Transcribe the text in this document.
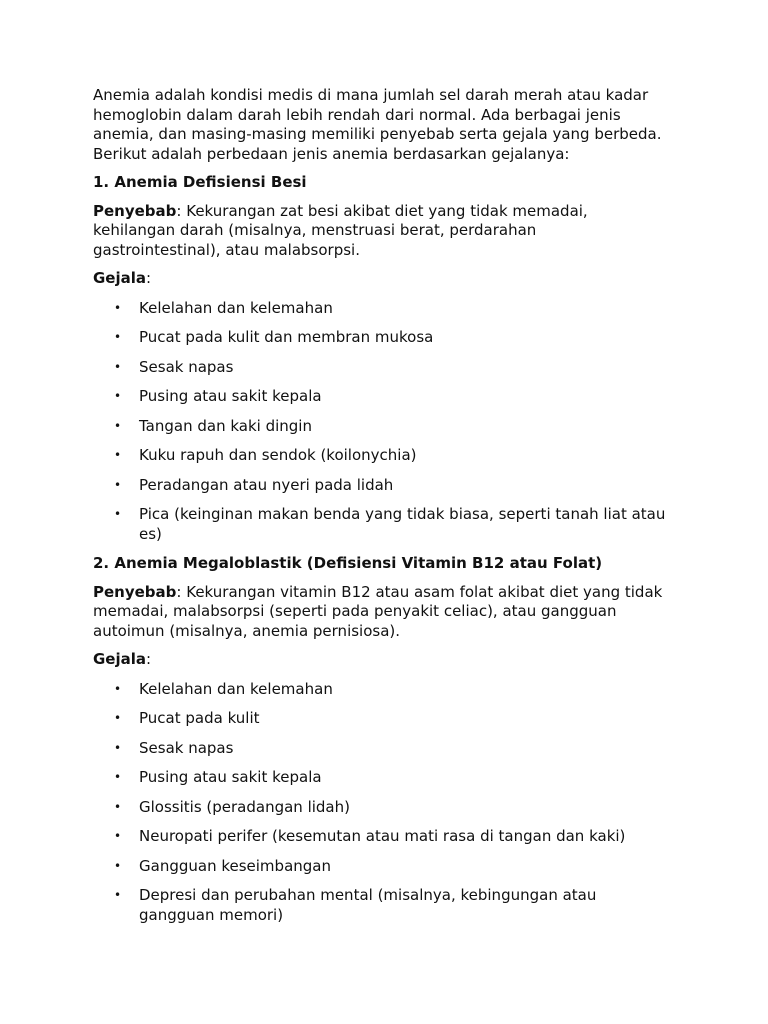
Anemia adalah kondisi medis di mana jumlah sel darah merah atau kadar hemoglobin dalam darah lebih rendah dari normal. Ada berbagai jenis anemia, dan masing-masing memiliki penyebab serta gejala yang berbeda. Berikut adalah perbedaan jenis anemia berdasarkan gejalanya:

1. Anemia Defisiensi Besi

Penyebab: Kekurangan zat besi akibat diet yang tidak memadai, kehilangan darah (misalnya, menstruasi berat, perdarahan gastrointestinal), atau malabsorpsi.

Gejala:

• Kelelahan dan kelemahan
• Pucat pada kulit dan membran mukosa
• Sesak napas
• Pusing atau sakit kepala
• Tangan dan kaki dingin
• Kuku rapuh dan sendok (koilonychia)
• Peradangan atau nyeri pada lidah
• Pica (keinginan makan benda yang tidak biasa, seperti tanah liat atau es)

2. Anemia Megaloblastik (Defisiensi Vitamin B12 atau Folat)

Penyebab: Kekurangan vitamin B12 atau asam folat akibat diet yang tidak memadai, malabsorpsi (seperti pada penyakit celiac), atau gangguan autoimun (misalnya, anemia pernisiosa).

Gejala:

• Kelelahan dan kelemahan
• Pucat pada kulit
• Sesak napas
• Pusing atau sakit kepala
• Glossitis (peradangan lidah)
• Neuropati perifer (kesemutan atau mati rasa di tangan dan kaki)
• Gangguan keseimbangan
• Depresi dan perubahan mental (misalnya, kebingungan atau gangguan memori)
